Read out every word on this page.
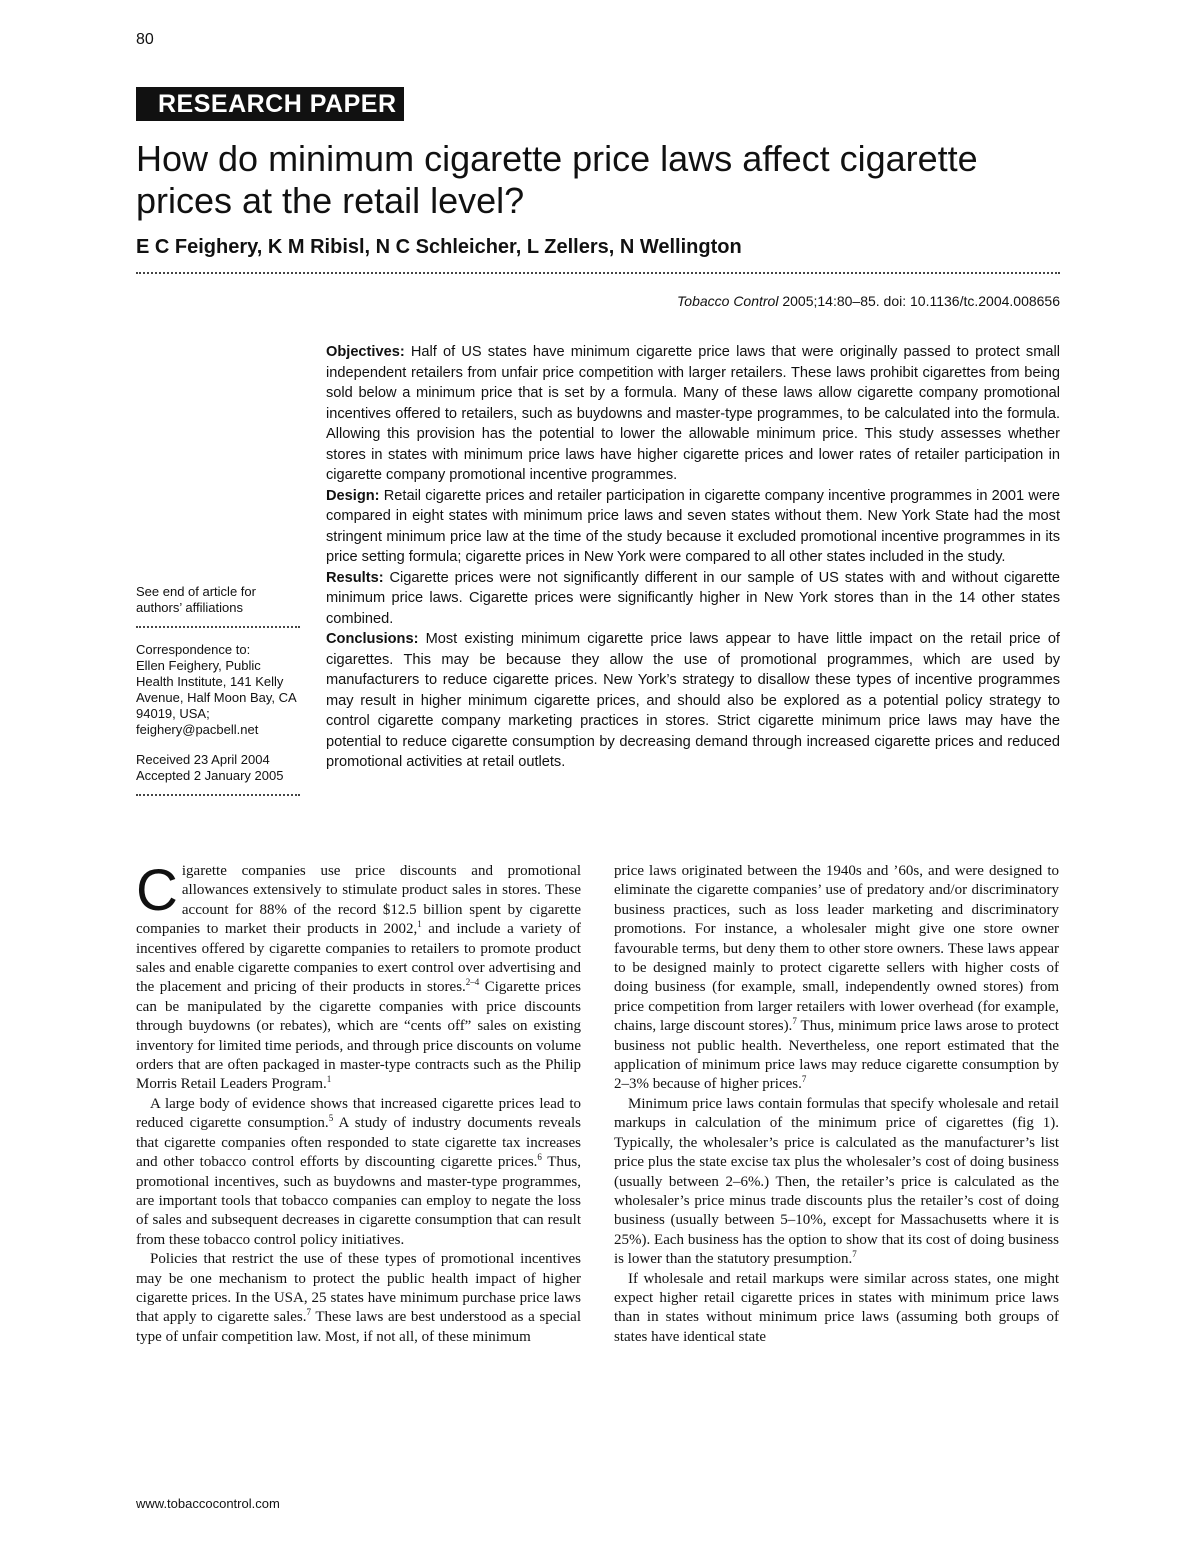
80
RESEARCH PAPER
How do minimum cigarette price laws affect cigarette prices at the retail level?
E C Feighery, K M Ribisl, N C Schleicher, L Zellers, N Wellington
Tobacco Control 2005;14:80–85. doi: 10.1136/tc.2004.008656

Objectives: Half of US states have minimum cigarette price laws that were originally passed to protect small independent retailers from unfair price competition with larger retailers. These laws prohibit cigarettes from being sold below a minimum price that is set by a formula. Many of these laws allow cigarette company promotional incentives offered to retailers, such as buydowns and master-type programmes, to be calculated into the formula. Allowing this provision has the potential to lower the allowable minimum price. This study assesses whether stores in states with minimum price laws have higher cigarette prices and lower rates of retailer participation in cigarette company promotional incentive programmes.

Design: Retail cigarette prices and retailer participation in cigarette company incentive programmes in 2001 were compared in eight states with minimum price laws and seven states without them. New York State had the most stringent minimum price law at the time of the study because it excluded promotional incentive programmes in its price setting formula; cigarette prices in New York were compared to all other states included in the study.

Results: Cigarette prices were not significantly different in our sample of US states with and without cigarette minimum price laws. Cigarette prices were significantly higher in New York stores than in the 14 other states combined.

Conclusions: Most existing minimum cigarette price laws appear to have little impact on the retail price of cigarettes. This may be because they allow the use of promotional programmes, which are used by manufacturers to reduce cigarette prices. New York’s strategy to disallow these types of incentive programmes may result in higher minimum cigarette prices, and should also be explored as a potential policy strategy to control cigarette company marketing practices in stores. Strict cigarette minimum price laws may have the potential to reduce cigarette consumption by decreasing demand through increased cigarette prices and reduced promotional activities at retail outlets.

See end of article for authors’ affiliations

Correspondence to:

Ellen Feighery, Public Health Institute, 141 Kelly Avenue, Half Moon Bay, CA 94019, USA; feighery@pacbell.net

Received 23 April 2004

Accepted 2 January 2005

Cigarette companies use price discounts and promotional allowances extensively to stimulate product sales in stores. These account for 88% of the record $12.5 billion spent by cigarette companies to market their products in 2002,$^1$ and include a variety of incentives offered by cigarette companies to retailers to promote product sales and enable cigarette companies to exert control over advertising and the placement and pricing of their products in stores.$^{2-4}$ Cigarette prices can be manipulated by the cigarette companies with price discounts through buydowns (or rebates), which are “cents off” sales on existing inventory for limited time periods, and through price discounts on volume orders that are often packaged in master-type contracts such as the Philip Morris Retail Leaders Program.$^1$

A large body of evidence shows that increased cigarette prices lead to reduced cigarette consumption.$^5$ A study of industry documents reveals that cigarette companies often responded to state cigarette tax increases and other tobacco control efforts by discounting cigarette prices.$^6$ Thus, promotional incentives, such as buydowns and master-type programmes, are important tools that tobacco companies can employ to negate the loss of sales and subsequent decreases in cigarette consumption that can result from these tobacco control policy initiatives.

Policies that restrict the use of these types of promotional incentives may be one mechanism to protect the public health impact of higher cigarette prices. In the USA, 25 states have minimum purchase price laws that apply to cigarette sales.$^7$ These laws are best understood as a special type of unfair competition law. Most, if not all, of these minimum

price laws originated between the 1940s and ’60s, and were designed to eliminate the cigarette companies’ use of predatory and/or discriminatory business practices, such as loss leader marketing and discriminatory promotions. For instance, a wholesaler might give one store owner favourable terms, but deny them to other store owners. These laws appear to be designed mainly to protect cigarette sellers with higher costs of doing business (for example, small, independently owned stores) from price competition from larger retailers with lower overhead (for example, chains, large discount stores).$^7$ Thus, minimum price laws arose to protect business not public health. Nevertheless, one report estimated that the application of minimum price laws may reduce cigarette consumption by 2–3% because of higher prices.$^7$

Minimum price laws contain formulas that specify wholesale and retail markups in calculation of the minimum price of cigarettes (fig 1). Typically, the wholesaler’s price is calculated as the manufacturer’s list price plus the state excise tax plus the wholesaler’s cost of doing business (usually between 2–6%.) Then, the retailer’s price is calculated as the wholesaler’s price minus trade discounts plus the retailer’s cost of doing business (usually between 5–10%, except for Massachusetts where it is 25%). Each business has the option to show that its cost of doing business is lower than the statutory presumption.$^7$

If wholesale and retail markups were similar across states, one might expect higher retail cigarette prices in states with minimum price laws than in states without minimum price laws (assuming both groups of states have identical state

www.tobaccocontrol.com
